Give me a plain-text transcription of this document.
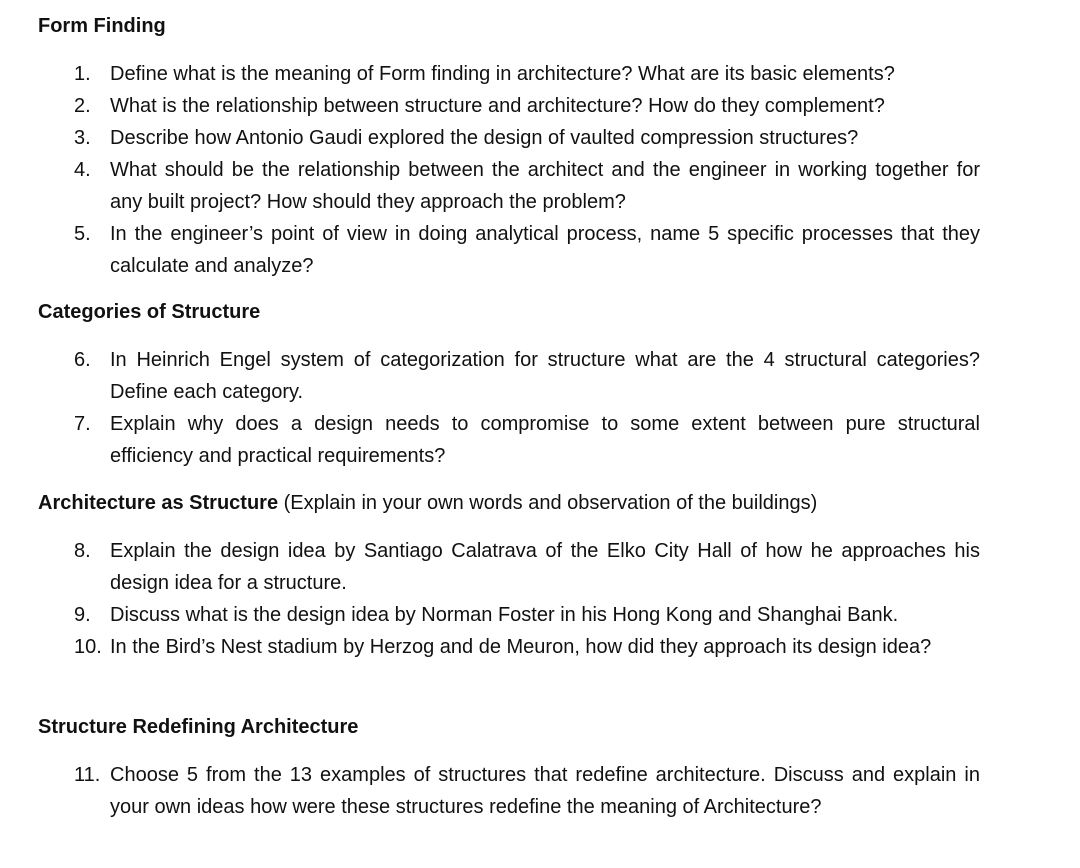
Form Finding
1. Define what is the meaning of Form finding in architecture? What are its basic elements?
2. What is the relationship between structure and architecture? How do they complement?
3. Describe how Antonio Gaudi explored the design of vaulted compression structures?
4. What should be the relationship between the architect and the engineer in working together for any built project? How should they approach the problem?
5. In the engineer’s point of view in doing analytical process, name 5 specific processes that they calculate and analyze?
Categories of Structure
6. In Heinrich Engel system of categorization for structure what are the 4 structural categories? Define each category.
7. Explain why does a design needs to compromise to some extent between pure structural efficiency and practical requirements?
Architecture as Structure (Explain in your own words and observation of the buildings)
8. Explain the design idea by Santiago Calatrava of the Elko City Hall of how he approaches his design idea for a structure.
9. Discuss what is the design idea by Norman Foster in his Hong Kong and Shanghai Bank.
10. In the Bird’s Nest stadium by Herzog and de Meuron, how did they approach its design idea?
Structure Redefining Architecture
11. Choose 5 from the 13 examples of structures that redefine architecture. Discuss and explain in your own ideas how were these structures redefine the meaning of Architecture?
